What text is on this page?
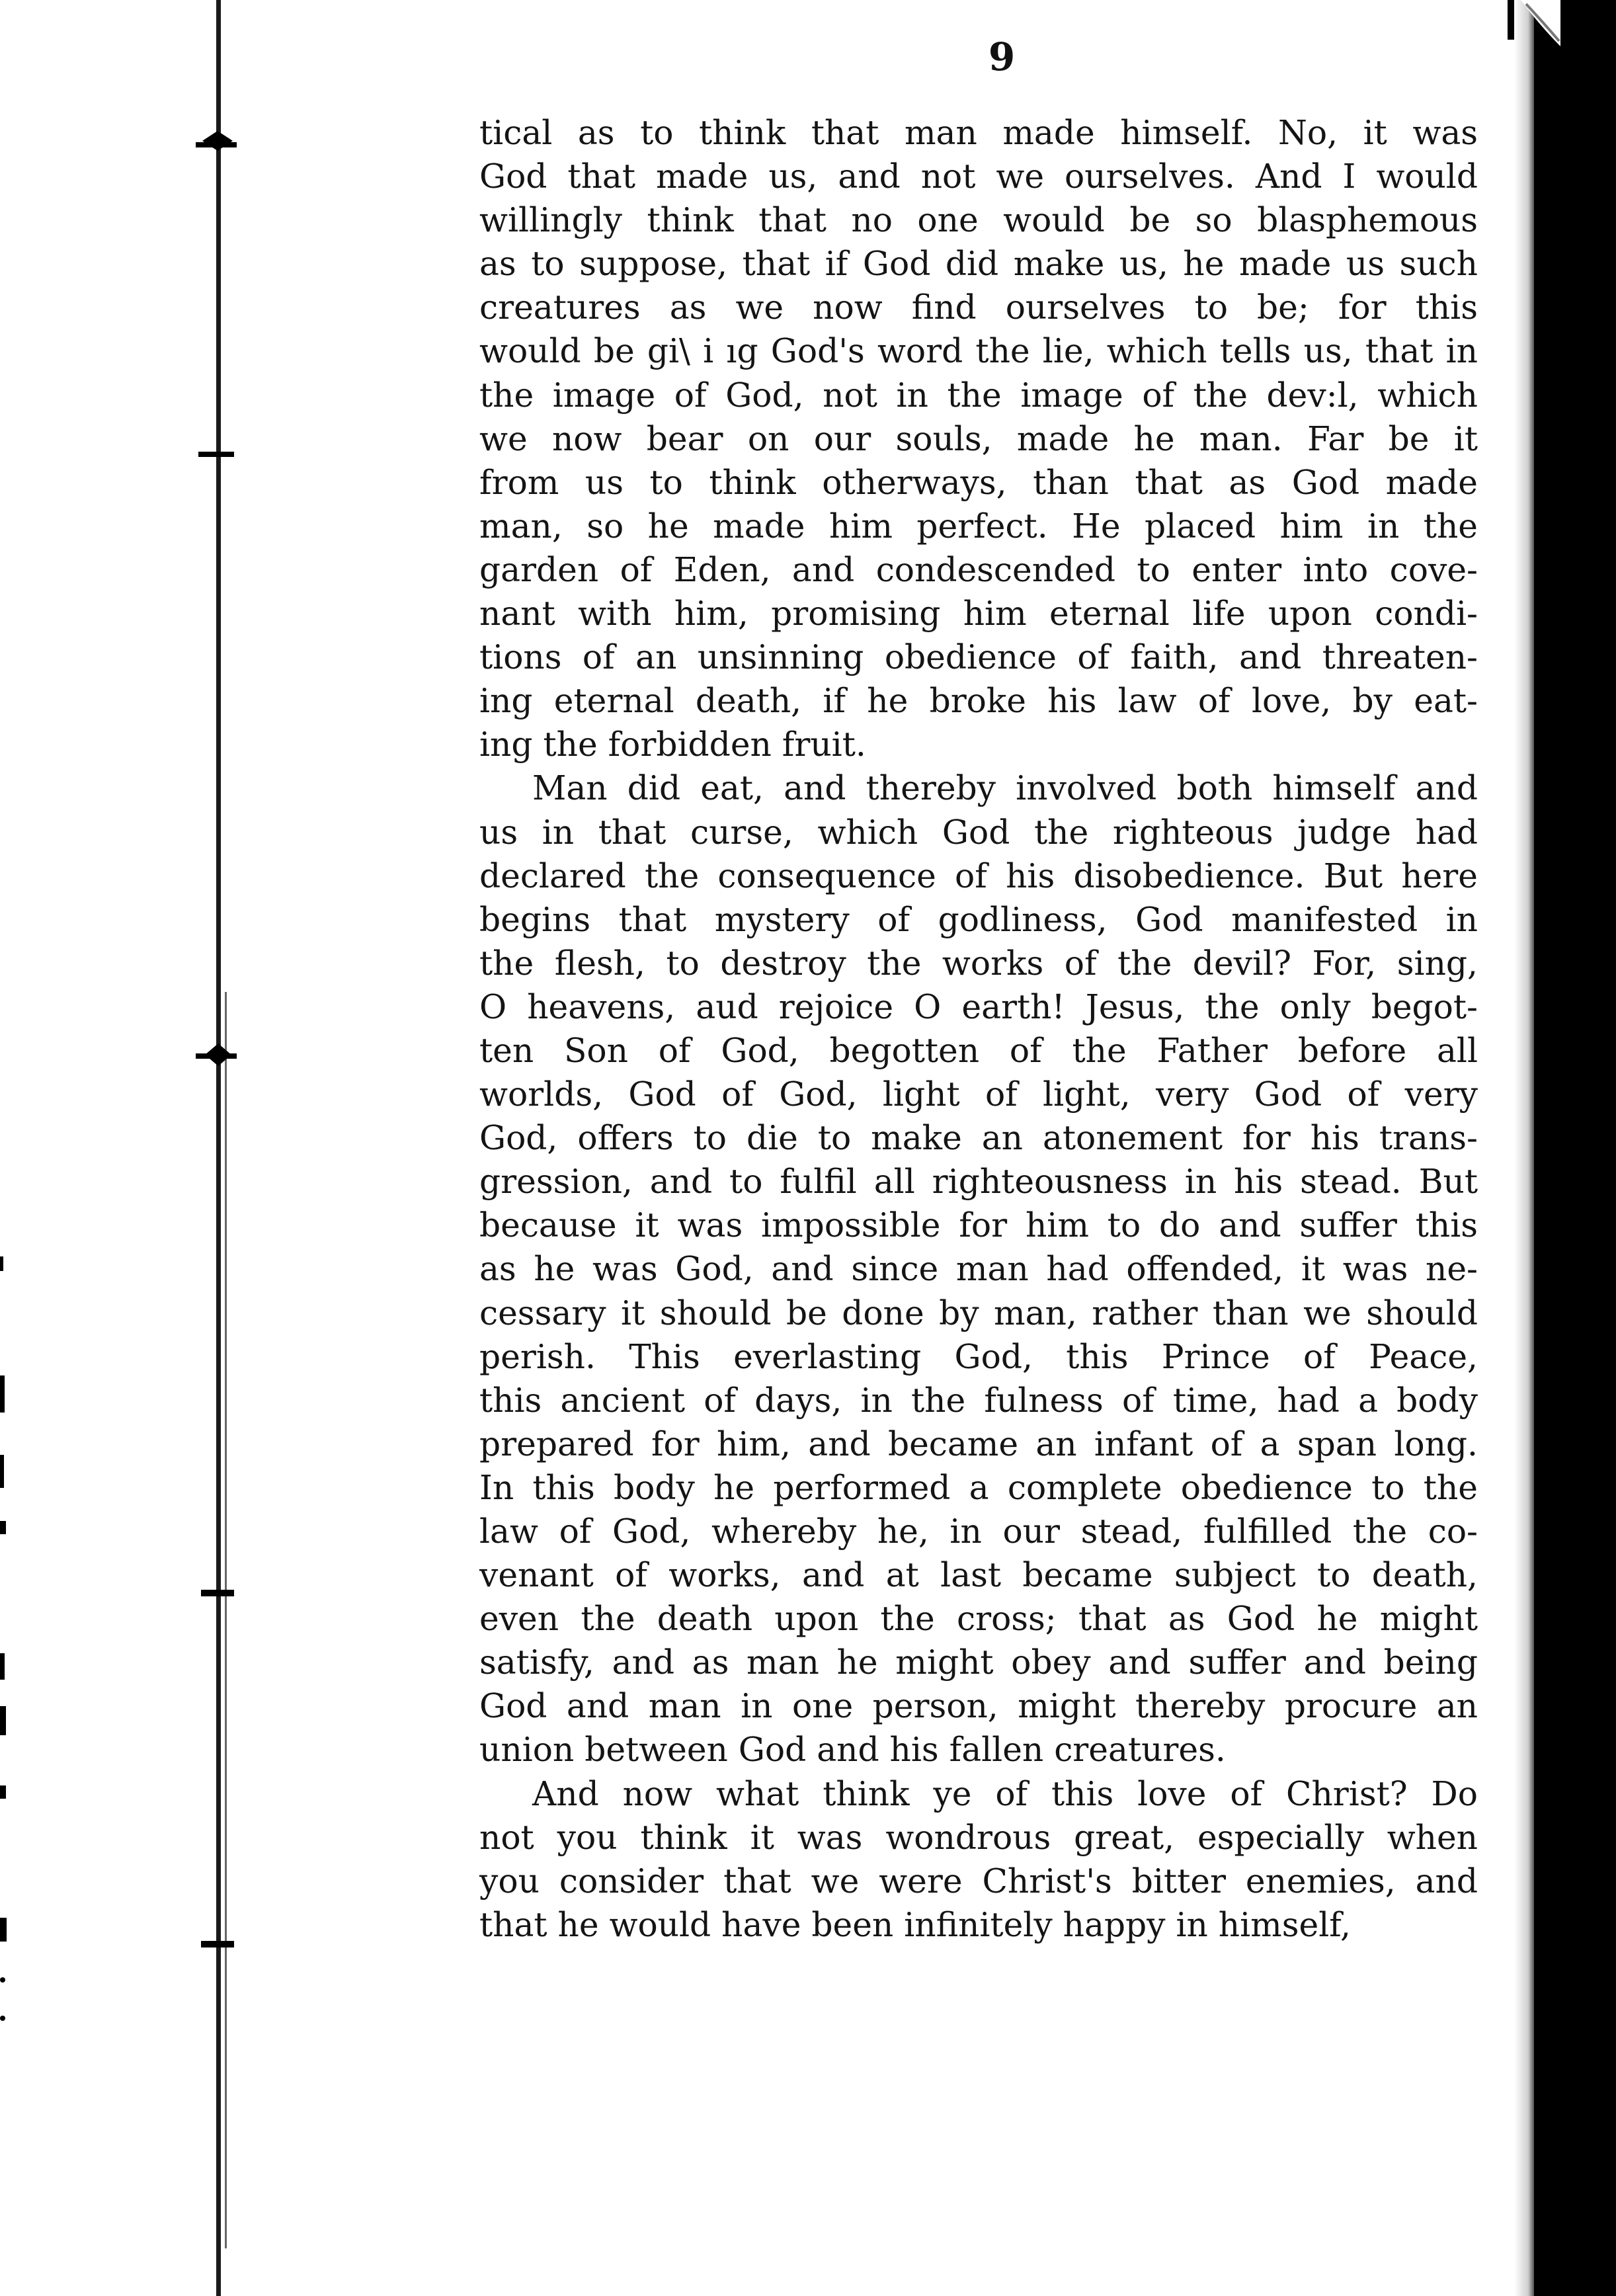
9
tical as to think that man made himself. No, it was
God that made us, and not we ourselves. And I would
willingly think that no one would be so blasphemous
as to suppose, that if God did make us, he made us such
creatures as we now find ourselves to be; for this
would be gi\ i ıg God's word the lie, which tells us, that in
the image of God, not in the image of the dev:l, which
we now bear on our souls, made he man. Far be it
from us to think otherways, than that as God made
man, so he made him perfect. He placed him in the
garden of Eden, and condescended to enter into cove-
nant with him, promising him eternal life upon condi-
tions of an unsinning obedience of faith, and threaten-
ing eternal death, if he broke his law of love, by eat-
ing the forbidden fruit.
Man did eat, and thereby involved both himself and
us in that curse, which God the righteous judge had
declared the consequence of his disobedience. But here
begins that mystery of godliness, God manifested in
the flesh, to destroy the works of the devil? For, sing,
O heavens, aud rejoice O earth! Jesus, the only begot-
ten Son of God, begotten of the Father before all
worlds, God of God, light of light, very God of very
God, offers to die to make an atonement for his trans-
gression, and to fulfil all righteousness in his stead. But
because it was impossible for him to do and suffer this
as he was God, and since man had offended, it was ne-
cessary it should be done by man, rather than we should
perish. This everlasting God, this Prince of Peace,
this ancient of days, in the fulness of time, had a body
prepared for him, and became an infant of a span long.
In this body he performed a complete obedience to the
law of God, whereby he, in our stead, fulfilled the co-
venant of works, and at last became subject to death,
even the death upon the cross; that as God he might
satisfy, and as man he might obey and suffer and being
God and man in one person, might thereby procure an
union between God and his fallen creatures.
And now what think ye of this love of Christ? Do
not you think it was wondrous great, especially when
you consider that we were Christ's bitter enemies, and
that he would have been infinitely happy in himself,
